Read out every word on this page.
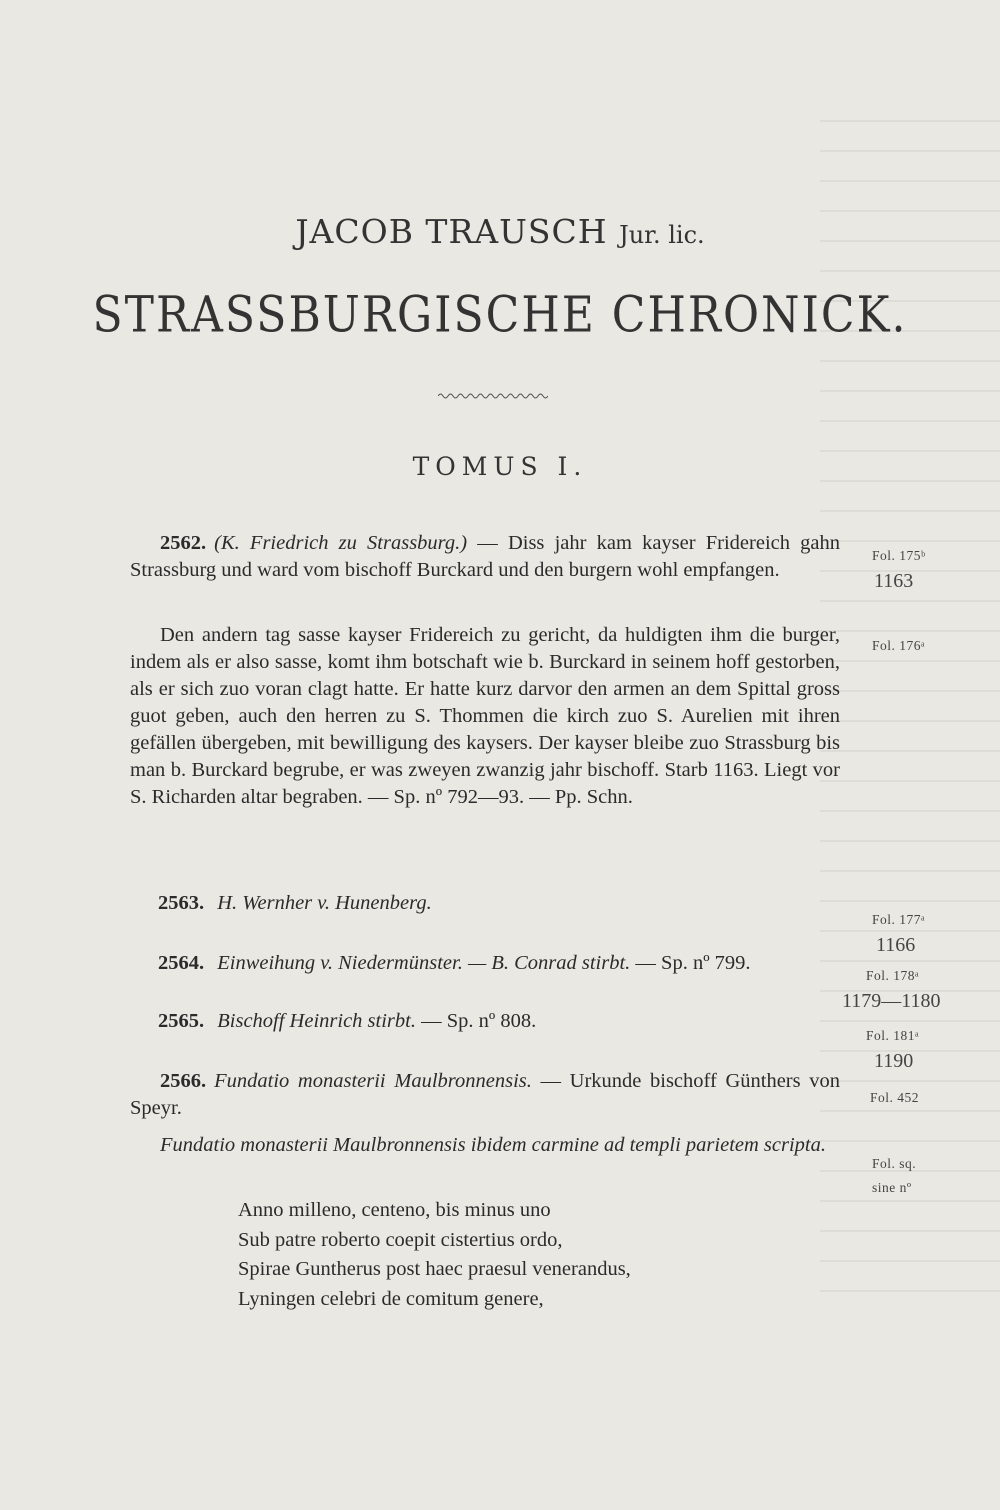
JACOB TRAUSCH Jur. lic.
STRASSBURGISCHE CHRONICK.
TOMUS I.
2562. (K. Friedrich zu Strassburg.) — Diss jahr kam kayser Fridereich gahn Strassburg und ward vom bischoff Burckard und den burgern wohl empfangen.
Den andern tag sasse kayser Fridereich zu gericht, da huldigten ihm die burger, indem als er also sasse, komt ihm botschaft wie b. Burckard in seinem hoff gestorben, als er sich zuo voran clagt hatte. Er hatte kurz darvor den armen an dem Spittal gross guot geben, auch den herren zu S. Thommen die kirch zuo S. Aurelien mit ihren gefällen übergeben, mit bewilligung des kaysers. Der kayser bleibe zuo Strassburg bis man b. Burckard begrube, er was zweyen zwanzig jahr bischoff. Starb 1163. Liegt vor S. Richarden altar begraben. — Sp. nº 792—93. — Pp. Schn.
2563. H. Wernher v. Hunenberg.
2564. Einweihung v. Niedermünster. — B. Conrad stirbt. — Sp. nº 799.
2565. Bischoff Heinrich stirbt. — Sp. nº 808.
2566. Fundatio monasterii Maulbronnensis. — Urkunde bischoff Günthers von Speyr.
Fundatio monasterii Maulbronnensis ibidem carmine ad templi parietem scripta.
Anno milleno, centeno, bis minus uno
Sub patre roberto coepit cistertius ordo,
Spirae Guntherus post haec praesul venerandus,
Lyningen celebri de comitum genere,
Fol. 175ᵇ
1163
Fol. 176ᵃ
Fol. 177ᵃ
1166
Fol. 178ᵃ
1179—1180
Fol. 181ᵃ
1190
Fol. 452
Fol. sq.
sine nº
